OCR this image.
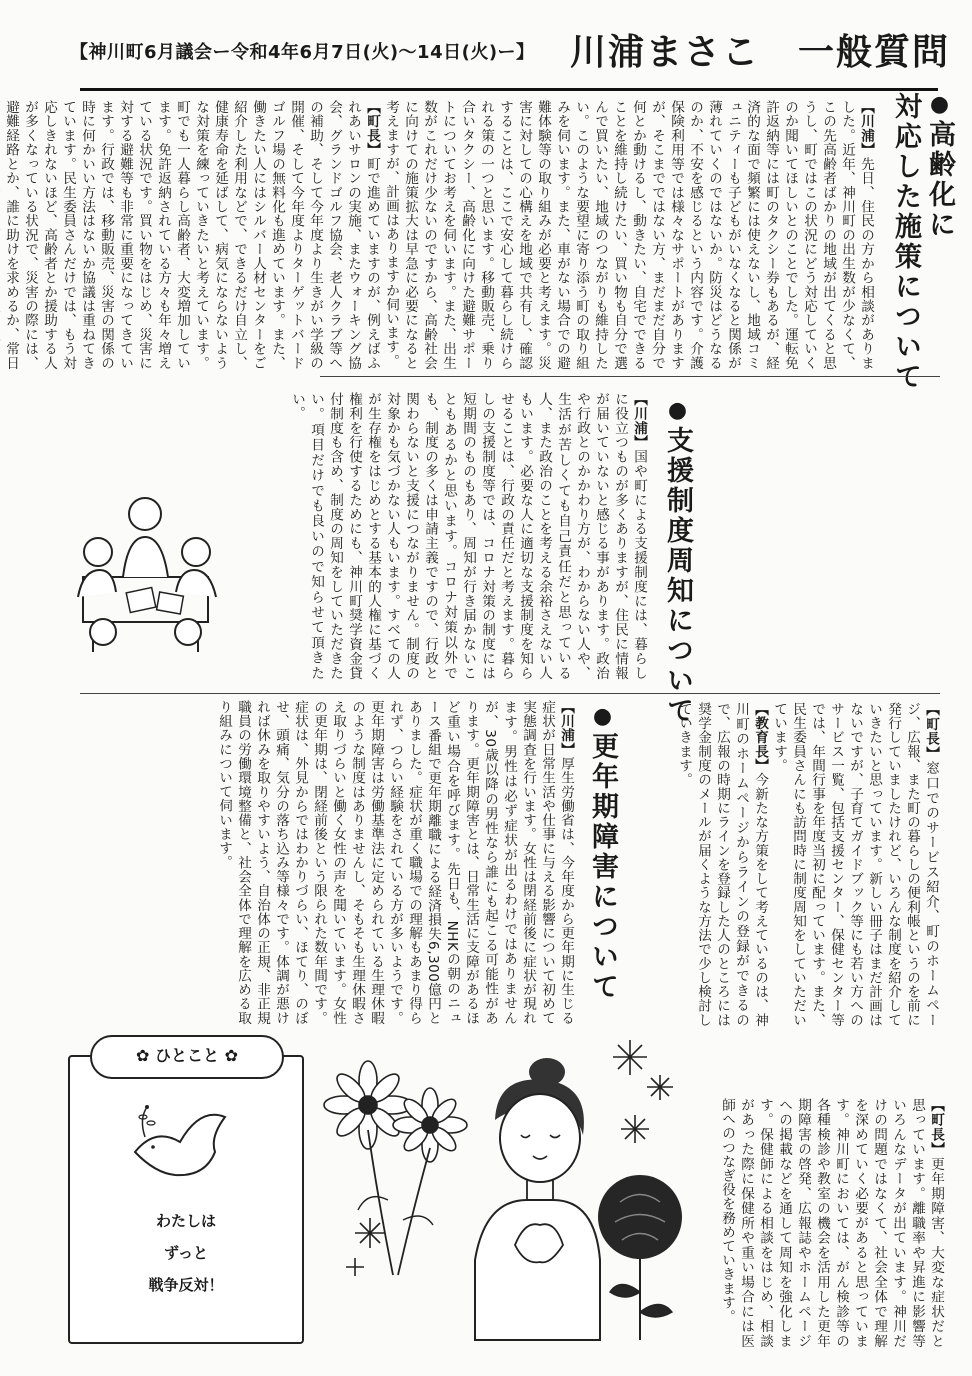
【神川町6月議会ー令和4年6月7日(火)～14日(火)ー】 川浦まさこ　一般質問
●高齢化に
対応した施策について

【川浦】先日、住民の方から相談がありました。近年、神川町の出生数が少なくて、この先高齢者ばかりの地域が出てくると思うし、町ではこの状況にどう対応していくのか聞いてほしいとのことでした。運転免許返納等には町のタクシー券もあるが、経済的な面で頻繁には使えないし、地域コミュニティーも子どもがいなくなると関係が薄れていくのではないか。防災はどうなるのか、不安を感じるという内容です。介護保険利用等では様々なサポートがありますが、そこまでではない方、まだまだ自分で何とか動けるし、動きたい、自宅でできることを維持し続けたい、買い物も自分で選んで買いたい、地域のつながりも維持したい。このような要望に寄り添う町の取り組みを伺います。また、車がない場合での避難体験等の取り組みが必要と考えます。災害に対しての心構えを地域で共有し、確認することは、ここで安心して暮らし続けられる策の一つと思います。移動販売、乗り合いタクシー、高齢化に向けた避難サポートについてお考えを伺います。また、出生数がこれだけ少ないのですから、高齢社会に向けての施策拡大は早急に必要になると考えますが、計画はありますか伺います。

【町長】町で進めていますのが、例えばふれあいサロンの実施、またウォーキング協会、グランドゴルフ協会、老人クラブ等への補助、そして今年度より生きがい学級の開催、そして今年度よりターゲットバードゴルフ場の無料化も進めています。また、働きたい人にはシルバー人材センターをご紹介した利用などで、できるだけ自立し、健康寿命を延ばして、病気にならないような対策を練っていきたいと考えています。町でも一人暮らし高齢者、大変増加しています。免許返納されている方々も年々増えている状況です。買い物をはじめ、災害に対する避難等も非常に重要になってきています。行政では、移動販売、災害の関係の時に何かいい方法はないか協議は重ねてきています。民生委員さんだけでは、もう対応しきれないほど、高齢者とか援助する人が多くなっている状況で、災害の際には、避難経路とか、誰に助けを求めるか、常日

●支援制度周知について

【川浦】国や町による支援制度には、暮らしに役立つものが多くありますが、住民に情報が届いていないと感じる事があります。政治や行政とのかかわり方が、わからない人や、生活が苦しくても自己責任だと思っている人、また政治のことを考える余裕さえない人もいます。必要な人に適切な支援制度を知らせることは、行政の責任だと考えます。暮らしの支援制度等では、コロナ対策の制度には短期間のものもあり、周知が行き届かないこともあるかと思います。コロナ対策以外でも、制度の多くは申請主義ですので、行政と関わらないと支援につながりません。制度の対象かも気づかない人もいます。すべての人が生存権をはじめとする基本的人権に基づく権利を行使するためにも、神川町奨学資金貸付制度も含め、制度の周知をしていただきたい。項目だけでも良いので知らせて頂きたい。

【町長】窓口でのサービス紹介、町のホームページ、広報、また町の暮らしの便利帳というのを前に発行していましたけれど、いろんな制度を紹介していきたいと思っています。新しい冊子はまだ計画はないですが、子育てガイドブック等にも若い方へのサービス一覧、包括支援センター、保健センター等では、年間行事を年度当初に配っています。また、民生委員さんにも訪問時に制度周知をしていただいています。

【教育長】今新たな方策をして考えているのは、神川町のホームページからラインの登録ができるので、広報の時期にラインを登録した人のところには奨学金制度のメールが届くような方法で少し検討していきます。

●更年期障害について

【川浦】厚生労働省は、今年度から更年期に生じる症状が日常生活や仕事に与える影響について初めて実態調査を行います。女性は閉経前後に症状が現れます。男性は必ず症状が出るわけではありませんが、30歳以降の男性なら誰にも起こる可能性があります。更年期障害とは、日常生活に支障があるほど重い場合を呼びます。先日も、NHKの朝のニュース番組で更年期離職による経済損失6,300億円とありました。症状が重く職場での理解もあまり得られず、つらい経験をされている方が多いようです。更年期障害は労働基準法に定められている生理休暇のような制度はありませんし、そもそも生理休暇さえ取りづらいと働く女性の声を聞いています。女性の更年期は、閉経前後という限られた数年間です。症状は、外見からではわかりづらい、ほてり、のぼせ、頭痛、気分の落ち込み等様々です。体調が悪ければ休みを取りやすいよう、自治体の正規、非正規職員の労働環境整備と、社会全体で理解を広める取り組みについて伺います。

【町長】更年期障害、大変な症状だと思っています。離職率や昇進に影響等いろんなデータが出ています。神川だけの問題ではなくて、社会全体で理解を深めていく必要があると思っています。神川町においては、がん検診等の各種検診や教室の機会を活用した更年期障害の啓発、広報誌やホームページへの掲載などを通して周知を強化します。保健師による相談をはじめ、相談があった際に保健所や重い場合には医師へのつなぎ役を務めていきます。

✿ ひとこと ✿
わたしは
ずっと
戦争反対！
